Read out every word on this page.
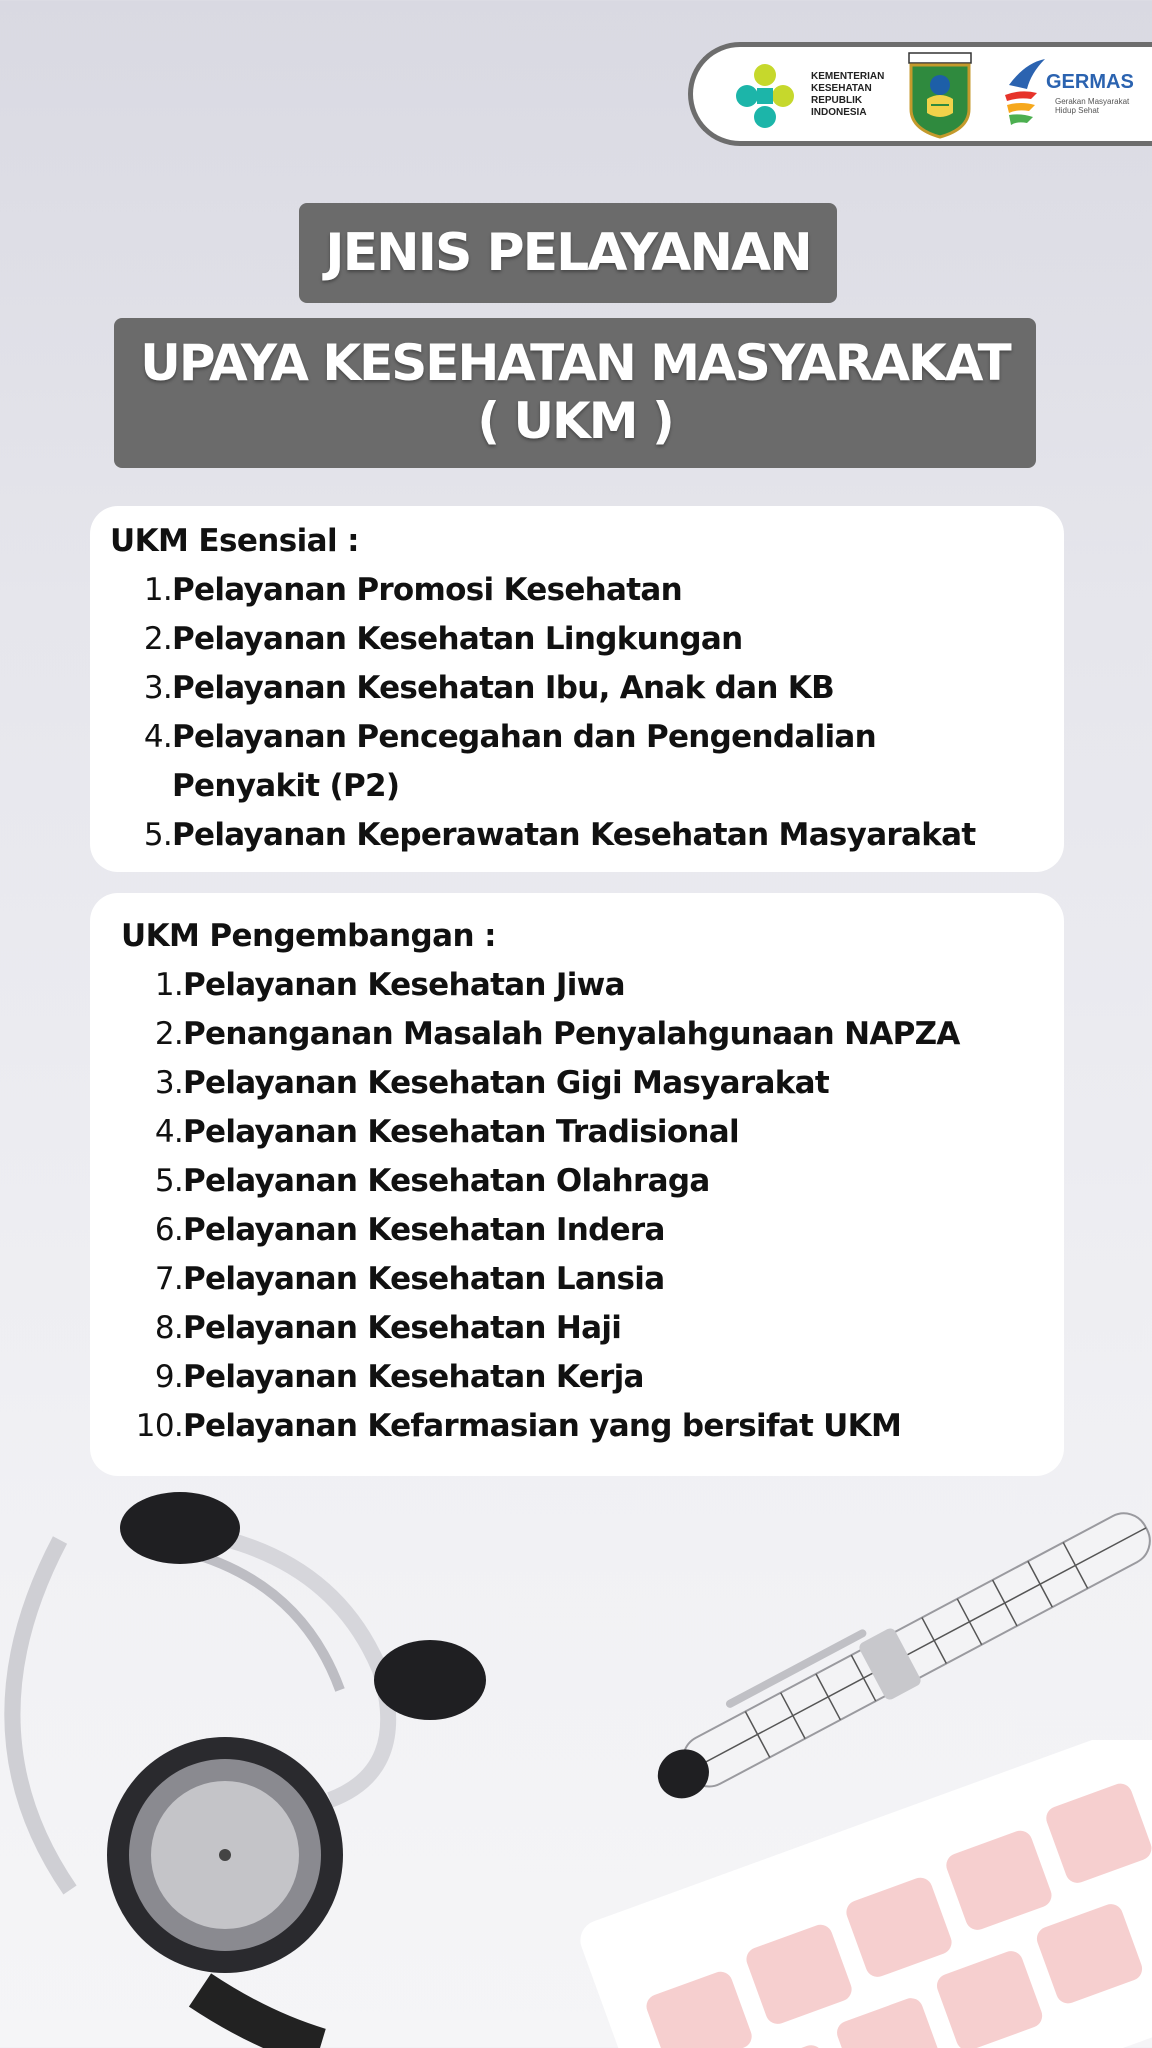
KEMENTERIAN
KESEHATAN
REPUBLIK
INDONESIA
GERMAS
Gerakan Masyarakat Hidup Sehat
JENIS PELAYANAN
UPAYA KESEHATAN MASYARAKAT
( UKM )
UKM Esensial :
1. Pelayanan Promosi Kesehatan
2. Pelayanan Kesehatan Lingkungan
3. Pelayanan Kesehatan Ibu, Anak dan KB
4. Pelayanan Pencegahan dan Pengendalian Penyakit (P2)
5. Pelayanan Keperawatan Kesehatan Masyarakat
UKM Pengembangan :
1. Pelayanan Kesehatan Jiwa
2. Penanganan Masalah Penyalahgunaan NAPZA
3. Pelayanan Kesehatan Gigi Masyarakat
4. Pelayanan Kesehatan Tradisional
5. Pelayanan Kesehatan Olahraga
6. Pelayanan Kesehatan Indera
7. Pelayanan Kesehatan Lansia
8. Pelayanan Kesehatan Haji
9. Pelayanan Kesehatan Kerja
10. Pelayanan Kefarmasian yang bersifat UKM
